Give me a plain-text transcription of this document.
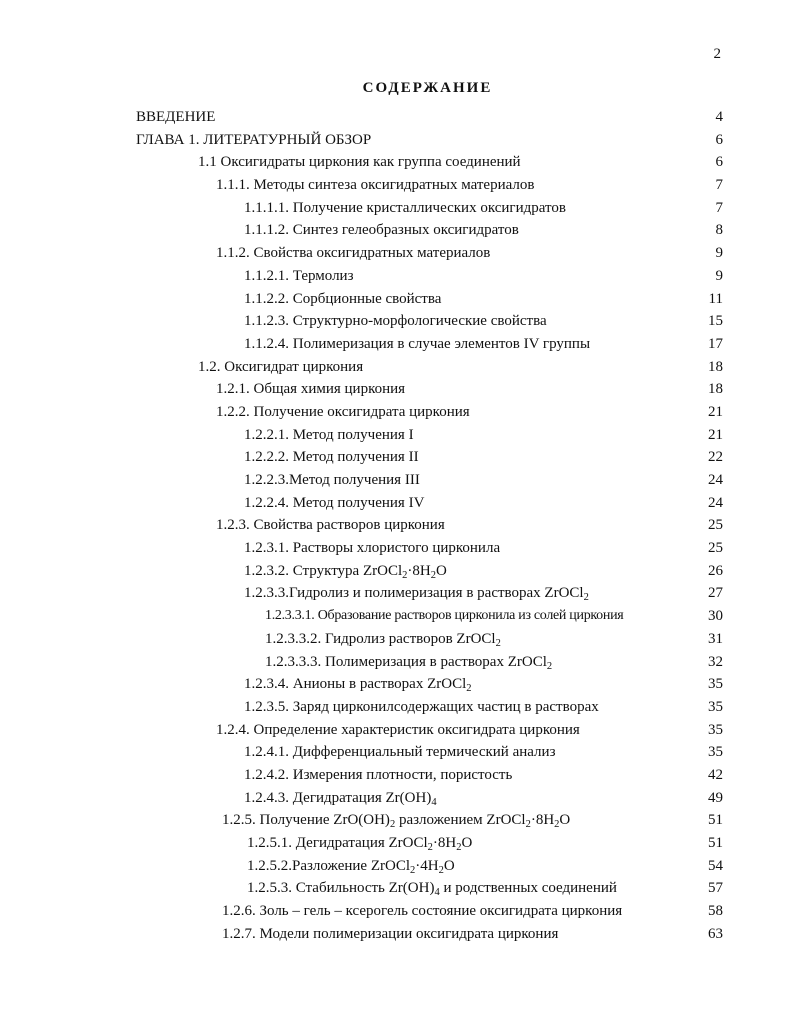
2
СОДЕРЖАНИЕ
ВВЕДЕНИЕ	4
ГЛАВА 1. ЛИТЕРАТУРНЫЙ ОБЗОР	6
1.1 Оксигидраты циркония как группа соединений	6
1.1.1. Методы синтеза оксигидратных материалов	7
1.1.1.1. Получение кристаллических оксигидратов	7
1.1.1.2. Синтез гелеобразных оксигидратов	8
1.1.2. Свойства оксигидратных материалов	9
1.1.2.1. Термолиз	9
1.1.2.2. Сорбционные свойства	11
1.1.2.3. Структурно-морфологические свойства	15
1.1.2.4. Полимеризация в случае элементов IV группы	17
1.2. Оксигидрат циркония	18
1.2.1. Общая химия циркония	18
1.2.2. Получение оксигидрата циркония	21
1.2.2.1. Метод получения I	21
1.2.2.2. Метод получения II	22
1.2.2.3.Метод получения III	24
1.2.2.4. Метод получения IV	24
1.2.3. Свойства растворов циркония	25
1.2.3.1. Растворы хлористого цирконила	25
1.2.3.2. Структура $ZrOCl_2\cdot 8H_2O$	26
1.2.3.3.Гидролиз и полимеризация в растворах ZrOCl$_2$	27
1.2.3.3.1. Образование растворов цирконила из солей циркония	30
1.2.3.3.2. Гидролиз растворов ZrOCl$_2$	31
1.2.3.3.3. Полимеризация в растворах ZrOCl$_2$	32
1.2.3.4. Анионы в растворах ZrOCl$_2$	35
1.2.3.5. Заряд цирконилсодержащих частиц в растворах	35
1.2.4. Определение характеристик оксигидрата циркония	35
1.2.4.1. Дифференциальный термический анализ	35
1.2.4.2. Измерения плотности, пористость	42
1.2.4.3. Дегидратация $Zr(OH)_4$	49
1.2.5. Получение $ZrO(OH)_2$ разложением $ZrOCl_2\cdot 8H_2O$	51
1.2.5.1. Дегидратация $ZrOCl_2\cdot 8H_2O$	51
1.2.5.2.Разложение $ZrOCl_2\cdot 4H_2O$	54
1.2.5.3. Стабильность $Zr(OH)_4$ и родственных соединений	57
1.2.6. Золь – гель – ксерогель состояние оксигидрата циркония	58
1.2.7. Модели полимеризации оксигидрата циркония	63
